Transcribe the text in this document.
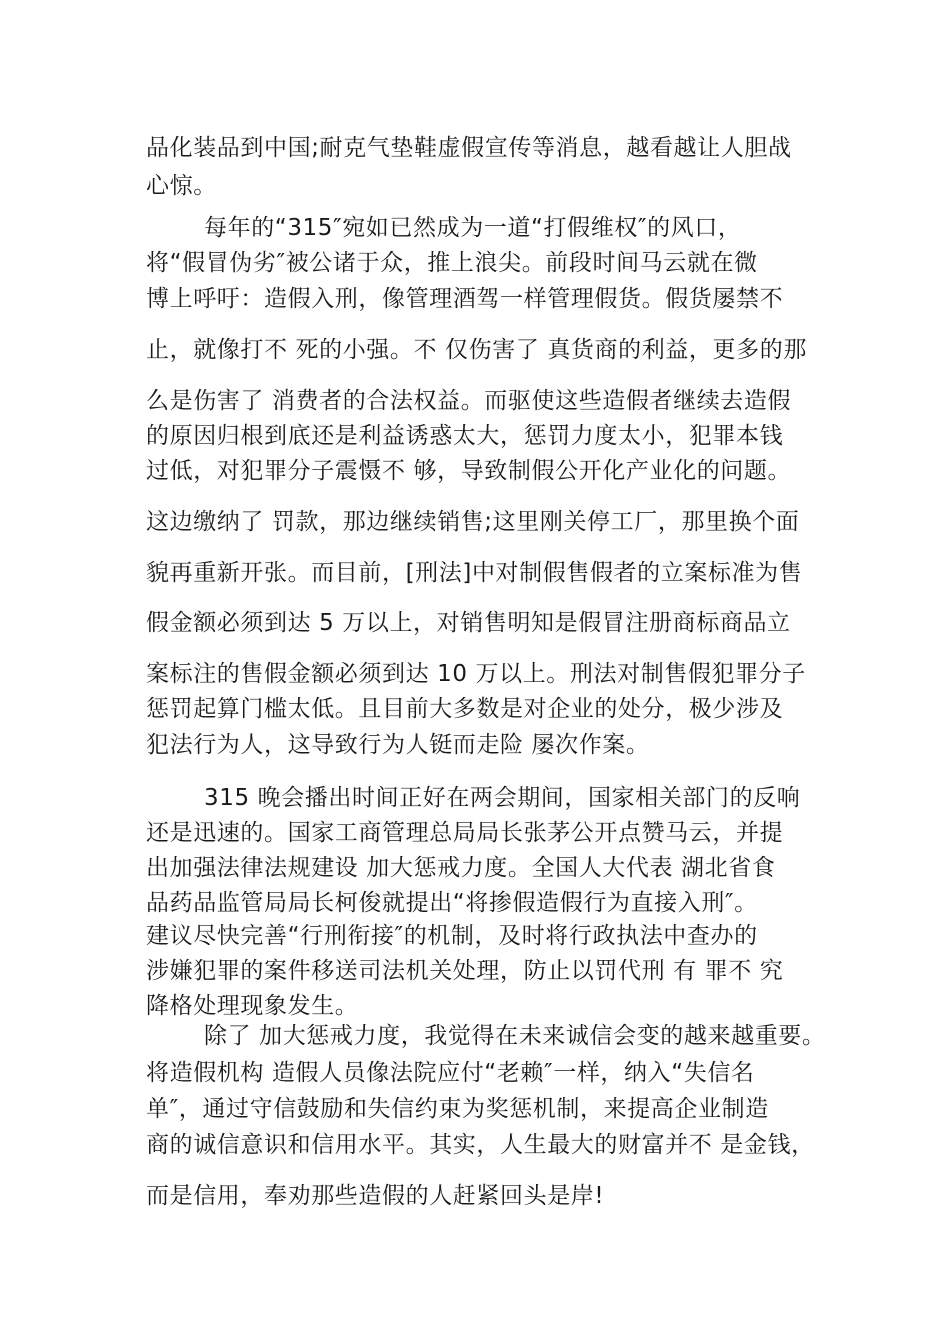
品化装品到中国;耐克气垫鞋虚假宣传等消息，越看越让人胆战

心惊。

每年的“315″宛如已然成为一道“打假维权″的风口，

将“假冒伪劣″被公诸于众，推上浪尖。前段时间马云就在微

博上呼吁：造假入刑，像管理酒驾一样管理假货。假货屡禁不

止，就像打不 死的小强。不 仅伤害了 真货商的利益，更多的那

么是伤害了 消费者的合法权益。而驱使这些造假者继续去造假

的原因归根到底还是利益诱惑太大，惩罚力度太小，犯罪本钱

过低，对犯罪分子震慑不 够，导致制假公开化产业化的问题。

这边缴纳了 罚款，那边继续销售;这里刚关停工厂，那里换个面

貌再重新开张。而目前，[刑法]中对制假售假者的立案标准为售

假金额必须到达 5 万以上，对销售明知是假冒注册商标商品立

案标注的售假金额必须到达 10 万以上。刑法对制售假犯罪分子

惩罚起算门槛太低。且目前大多数是对企业的处分，极少涉及

犯法行为人，这导致行为人铤而走险 屡次作案。

315 晚会播出时间正好在两会期间，国家相关部门的反响

还是迅速的。国家工商管理总局局长张茅公开点赞马云，并提

出加强法律法规建设 加大惩戒力度。全国人大代表 湖北省食

品药品监管局局长柯俊就提出“将掺假造假行为直接入刑″。

建议尽快完善“行刑衔接″的机制，及时将行政执法中查办的

涉嫌犯罪的案件移送司法机关处理，防止以罚代刑 有 罪不 究

降格处理现象发生。

除了 加大惩戒力度，我觉得在未来诚信会变的越来越重要。

将造假机构 造假人员像法院应付“老赖″一样，纳入“失信名

单″，通过守信鼓励和失信约束为奖惩机制，来提高企业制造

商的诚信意识和信用水平。其实，人生最大的财富并不 是金钱，

而是信用，奉劝那些造假的人赶紧回头是岸!
